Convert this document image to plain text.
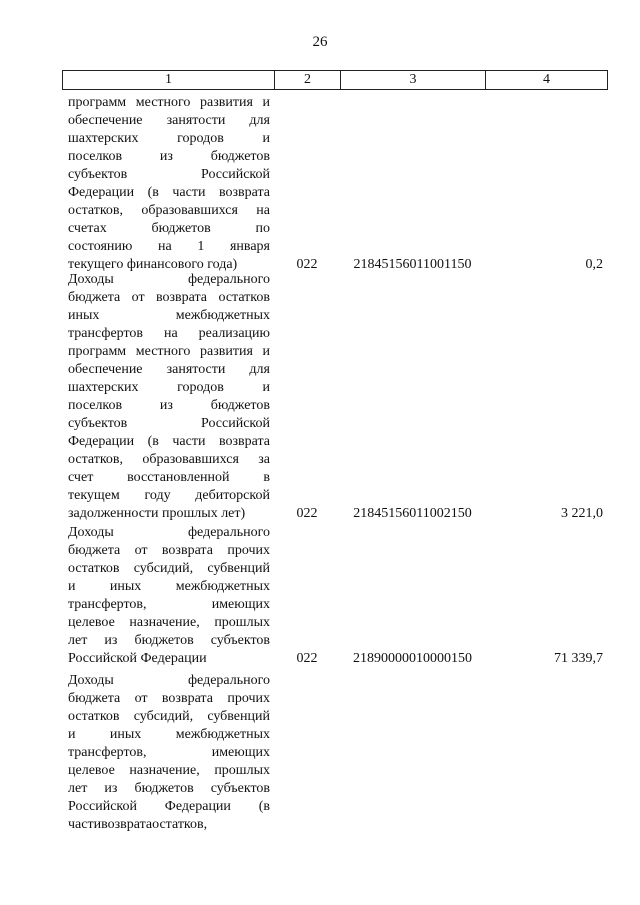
26
1	2	3	4
программ местного развития и
обеспечение занятости для
шахтерских	городов	и
поселков	из	бюджетов
субъектов	Российской
Федерации (в части возврата
остатков, образовавшихся на
счетах	бюджетов	по
состоянию на 1 января
текущего финансового года)	022	21845156011001150	0,2
Доходы	федерального
бюджета от возврата остатков
иных	межбюджетных
трансфертов на реализацию
программ местного развития и
обеспечение занятости для
шахтерских	городов	и
поселков	из	бюджетов
субъектов	Российской
Федерации (в части возврата
остатков, образовавшихся за
счет восстановленной в
текущем году дебиторской
задолженности прошлых лет)	022	21845156011002150	3 221,0
Доходы	федерального
бюджета от возврата прочих
остатков субсидий, субвенций
и иных межбюджетных
трансфертов,	имеющих
целевое назначение, прошлых
лет из бюджетов субъектов
Российской Федерации	022	21890000010000150	71 339,7
Доходы	федерального
бюджета от возврата прочих
остатков субсидий, субвенций
и иных межбюджетных
трансфертов,	имеющих
целевое назначение, прошлых
лет из бюджетов субъектов
Российской Федерации (в
части возврата остатков,
